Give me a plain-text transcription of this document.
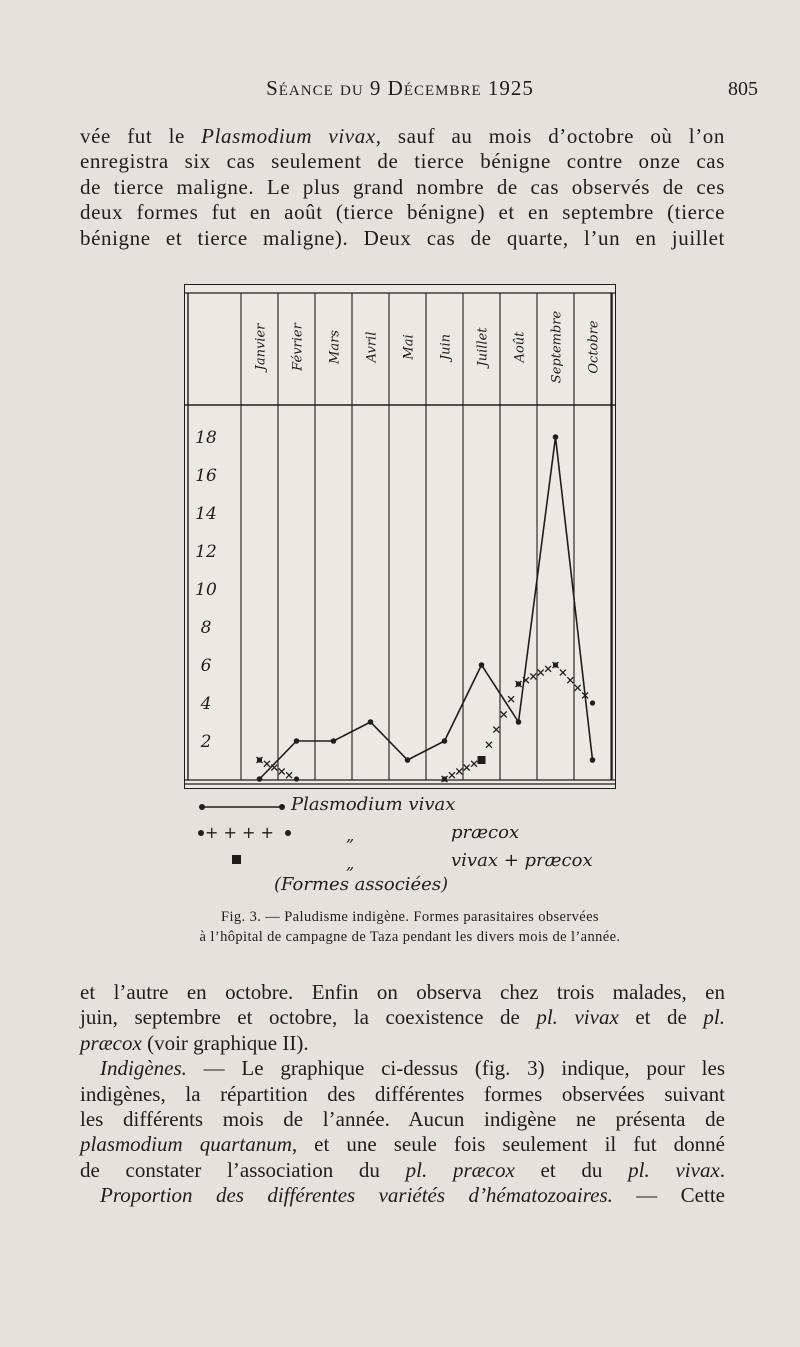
Séance du 9 Décembre 1925	805
vée fut le Plasmodium vivax, sauf au mois d’octobre où l’on
enregistra six cas seulement de tierce bénigne contre onze cas
de tierce maligne. Le plus grand nombre de cas observés de ces
deux formes fut en août (tierce bénigne) et en septembre (tierce
bénigne et tierce maligne). Deux cas de quarte, l’un en juillet
Janvier Février Mars Avril Mai Juin Juillet Août Septembre Octobre
18
16
14
12
10
8
6
4
2
Plasmodium vivax
+ + + +	„	præcox
„	vivax + præcox
(Formes associées)
Fig. 3. — Paludisme indigène. Formes parasitaires observées
à l’hôpital de campagne de Taza pendant les divers mois de l’année.
et l’autre en octobre. Enfin on observa chez trois malades, en
juin, septembre et octobre, la coexistence de pl. vivax et de pl.
præcox (voir graphique II).
Indigènes. — Le graphique ci-dessus (fig. 3) indique, pour les
indigènes, la répartition des différentes formes observées suivant
les différents mois de l’année. Aucun indigène ne présenta de
plasmodium quartanum, et une seule fois seulement il fut donné
de constater l’association du pl. præcox et du pl. vivax.
Proportion des différentes variétés d’hématozoaires. — Cette
